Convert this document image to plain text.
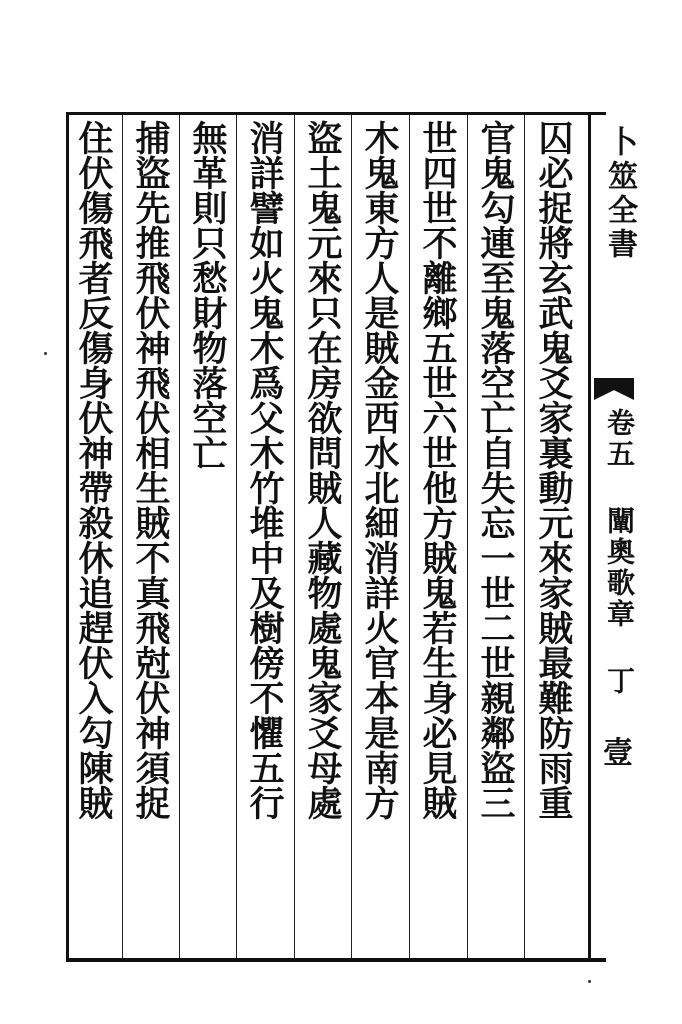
囚必捉將玄武鬼爻家裏動元來家賊最難防雨重
官鬼勾連至鬼落空亡自失忘一世二世親鄰盜三
世四世不離鄉五世六世他方賊鬼若生身必見賊
木鬼東方人是賊金西水北細消詳火官本是南方
盜土鬼元來只在房欲問賊人藏物處鬼家爻母處
消詳譬如火鬼木爲父木竹堆中及樹傍不懼五行
無革則只愁財物落空亡
捕盜先推飛伏神飛伏相生賊不真飛尅伏神須捉
住伏傷飛者反傷身伏神帶殺休追趕伏入勾陳賊	卜筮全書
卷五 闡奧歌章 丁
壹
